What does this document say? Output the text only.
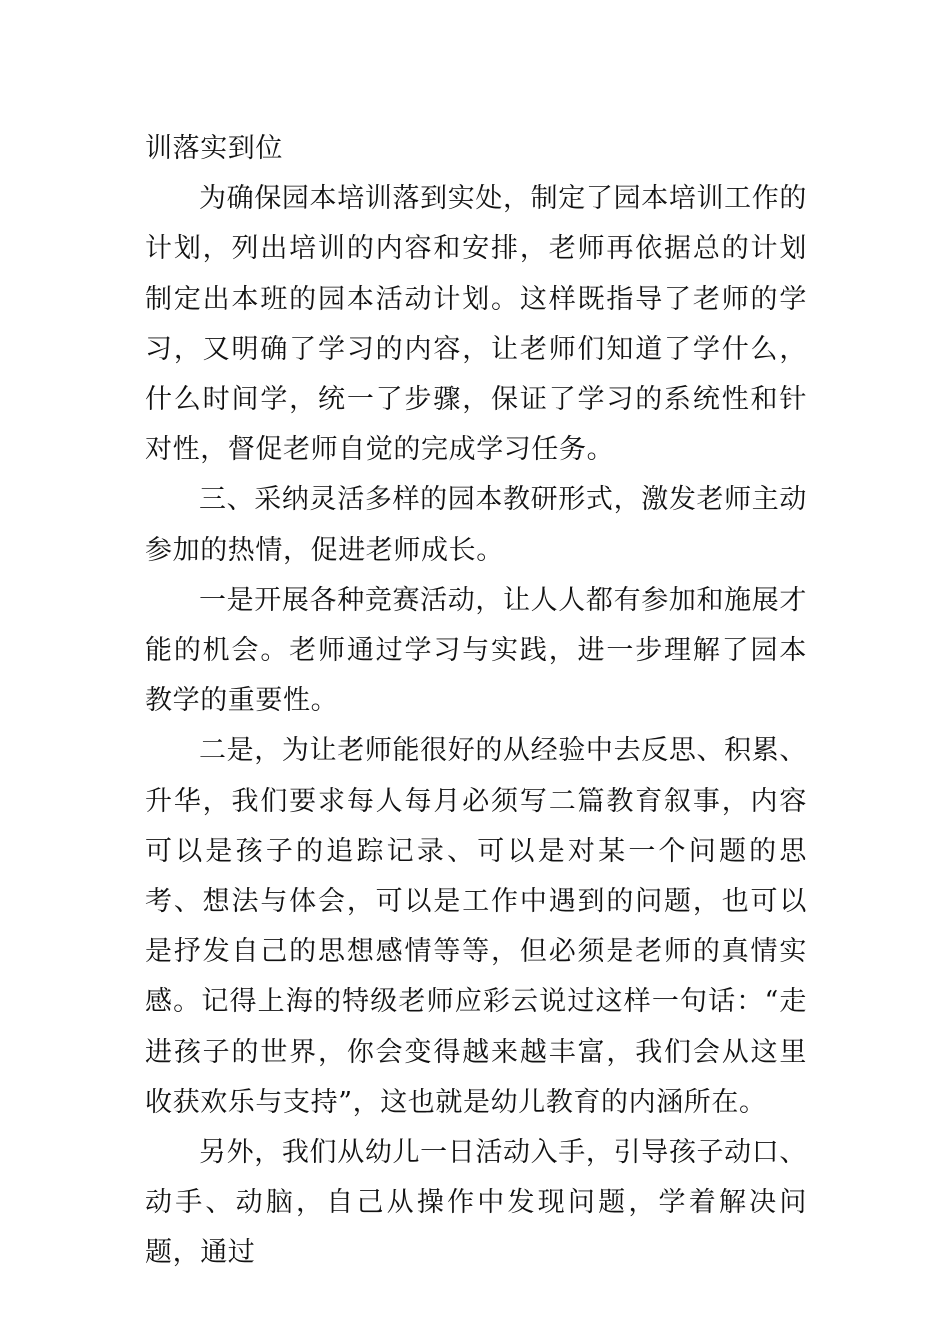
训落实到位

为确保园本培训落到实处，制定了园本培训工作的计划，列出培训的内容和安排，老师再依据总的计划制定出本班的园本活动计划。这样既指导了老师的学习，又明确了学习的内容，让老师们知道了学什么，什么时间学，统一了步骤，保证了学习的系统性和针对性，督促老师自觉的完成学习任务。

三、采纳灵活多样的园本教研形式，激发老师主动参加的热情，促进老师成长。

一是开展各种竞赛活动，让人人都有参加和施展才能的机会。老师通过学习与实践，进一步理解了园本教学的重要性。

二是，为让老师能很好的从经验中去反思、积累、升华，我们要求每人每月必须写二篇教育叙事，内容可以是孩子的追踪记录、可以是对某一个问题的思考、想法与体会，可以是工作中遇到的问题，也可以是抒发自己的思想感情等等，但必须是老师的真情实感。记得上海的特级老师应彩云说过这样一句话：“走进孩子的世界，你会变得越来越丰富，我们会从这里收获欢乐与支持”，这也就是幼儿教育的内涵所在。

另外，我们从幼儿一日活动入手，引导孩子动口、动手、动脑，自己从操作中发现问题，学着解决问题，通过
